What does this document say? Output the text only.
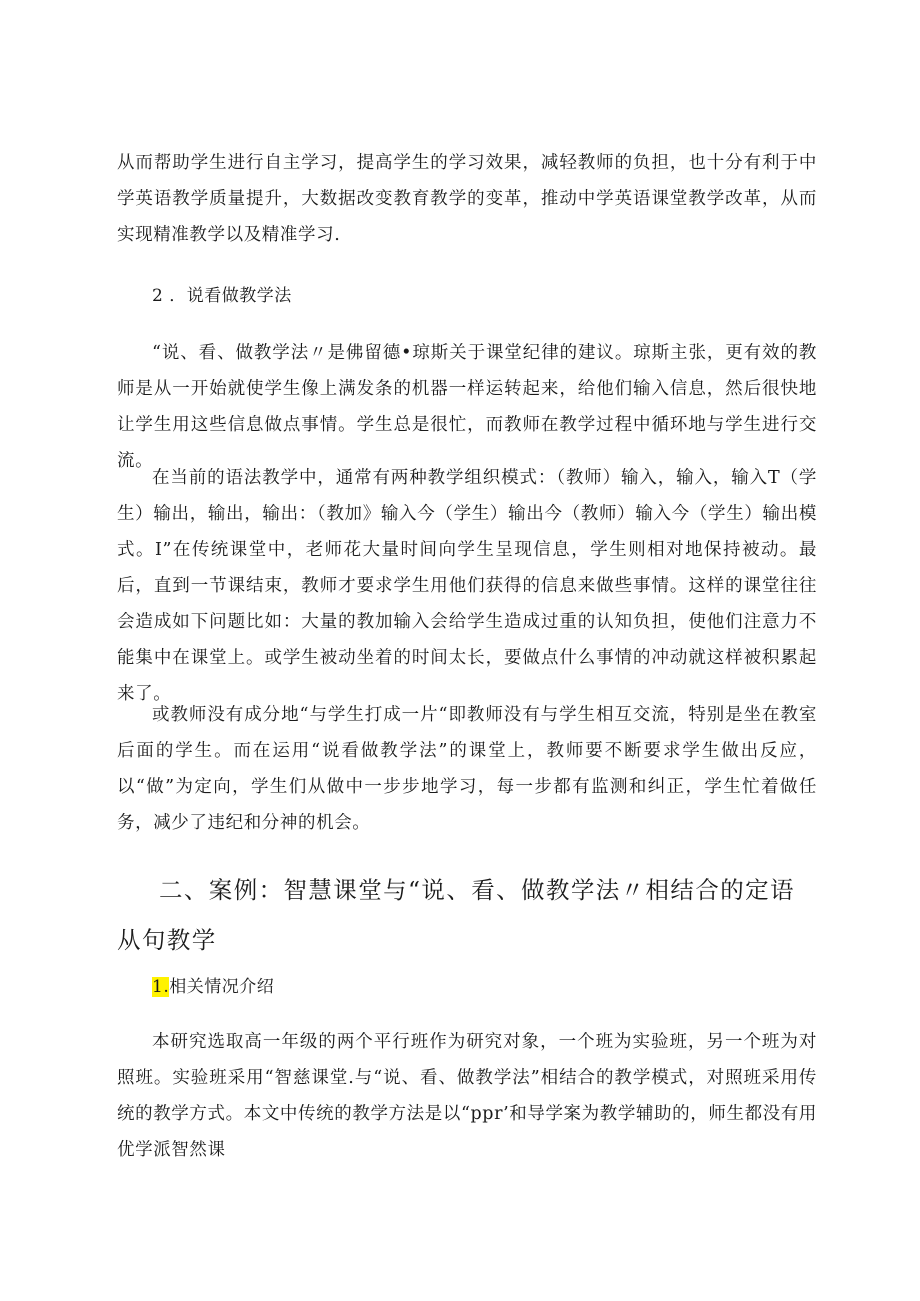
从而帮助学生进行自主学习，提高学生的学习效果，减轻教师的负担，也十分有利于中学英语教学质量提升，大数据改变教育教学的变革，推动中学英语课堂教学改革，从而实现精准教学以及精准学习.

2 ．说看做教学法

“说、看、做教学法〃是佛留德•琼斯关于课堂纪律的建议。琼斯主张，更有效的教师是从一开始就使学生像上满发条的机器一样运转起来，给他们输入信息，然后很快地让学生用这些信息做点事情。学生总是很忙，而教师在教学过程中循环地与学生进行交流。

在当前的语法教学中，通常有两种教学组织模式：（教师）输入，输入，输入T（学生）输出，输出，输出：（教加》输入今（学生）输出今（教师）输入今（学生）输出模式。I”在传统课堂中，老师花大量时间向学生呈现信息，学生则相对地保持被动。最后，直到一节课结束，教师才要求学生用他们获得的信息来做些事情。这样的课堂往往会造成如下问题比如：大量的教加输入会给学生造成过重的认知负担，使他们注意力不能集中在课堂上。或学生被动坐着的时间太长，要做点什么事情的冲动就这样被积累起来了。

或教师没有成分地“与学生打成一片“即教师没有与学生相互交流，特别是坐在教室后面的学生。而在运用“说看做教学法”的课堂上，教师要不断要求学生做出反应，以“做”为定向，学生们从做中一步步地学习，每一步都有监测和纠正，学生忙着做任务，减少了违纪和分神的机会。

二、案例：智慧课堂与“说、看、做教学法〃相结合的定语从句教学

1.相关情况介绍

本研究选取高一年级的两个平行班作为研究对象，一个班为实验班，另一个班为对照班。实验班采用“智慈课堂.与“说、看、做教学法”相结合的教学模式，对照班采用传统的教学方式。本文中传统的教学方法是以“ppr’和导学案为教学辅助的，师生都没有用优学派智然课
